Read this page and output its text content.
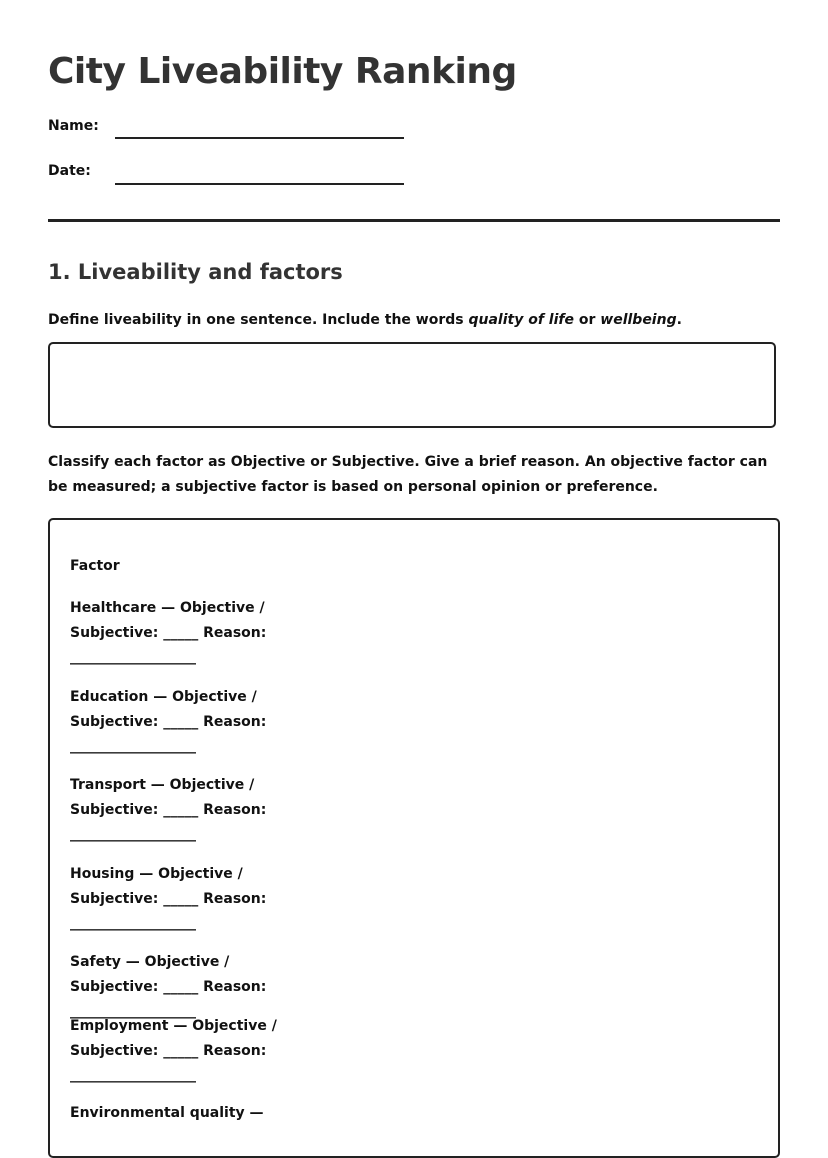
City Liveability Ranking
Name:
Date:
1. Liveability and factors
Define liveability in one sentence. Include the words quality of life or wellbeing.
Classify each factor as Objective or Subjective. Give a brief reason. An objective factor can be measured; a subjective factor is based on personal opinion or preference.
Factor
Healthcare — Objective / Subjective: _____ Reason: __________________
Education — Objective / Subjective: _____ Reason: __________________
Transport — Objective / Subjective: _____ Reason: __________________
Housing — Objective / Subjective: _____ Reason: __________________
Safety — Objective / Subjective: _____ Reason: __________________
Employment — Objective / Subjective: _____ Reason: __________________
Environmental quality —
